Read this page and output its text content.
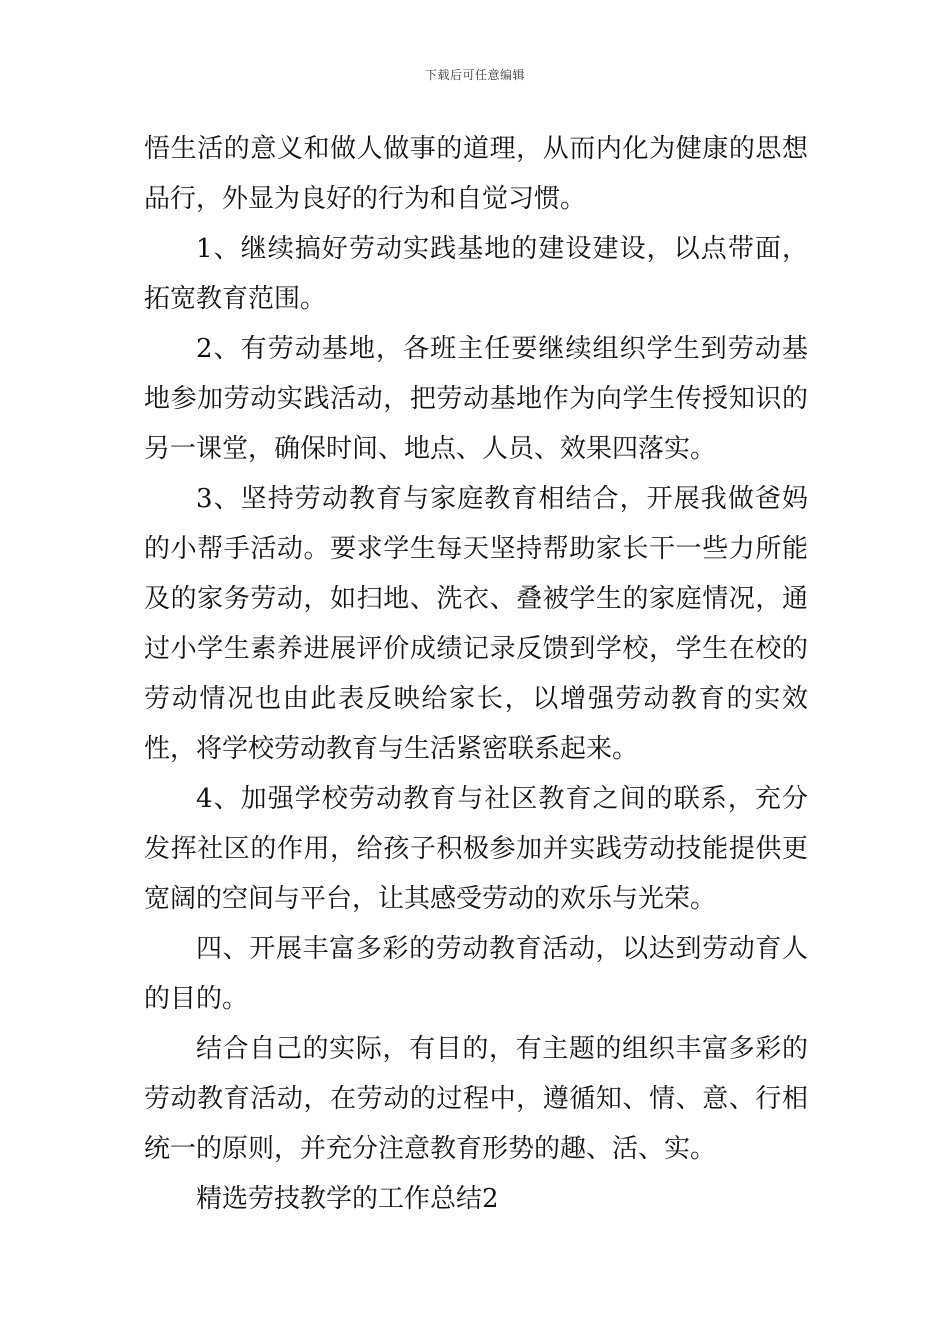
下载后可任意编辑

悟生活的意义和做人做事的道理，从而内化为健康的思想品行，外显为良好的行为和自觉习惯。

1、继续搞好劳动实践基地的建设建设，以点带面，拓宽教育范围。

2、有劳动基地，各班主任要继续组织学生到劳动基地参加劳动实践活动，把劳动基地作为向学生传授知识的另一课堂，确保时间、地点、人员、效果四落实。

3、坚持劳动教育与家庭教育相结合，开展我做爸妈的小帮手活动。要求学生每天坚持帮助家长干一些力所能及的家务劳动，如扫地、洗衣、叠被学生的家庭情况，通过小学生素养进展评价成绩记录反馈到学校，学生在校的劳动情况也由此表反映给家长，以增强劳动教育的实效性，将学校劳动教育与生活紧密联系起来。

4、加强学校劳动教育与社区教育之间的联系，充分发挥社区的作用，给孩子积极参加并实践劳动技能提供更宽阔的空间与平台，让其感受劳动的欢乐与光荣。

四、开展丰富多彩的劳动教育活动，以达到劳动育人的目的。

结合自己的实际，有目的，有主题的组织丰富多彩的劳动教育活动，在劳动的过程中，遵循知、情、意、行相统一的原则，并充分注意教育形势的趣、活、实。

精选劳技教学的工作总结2
